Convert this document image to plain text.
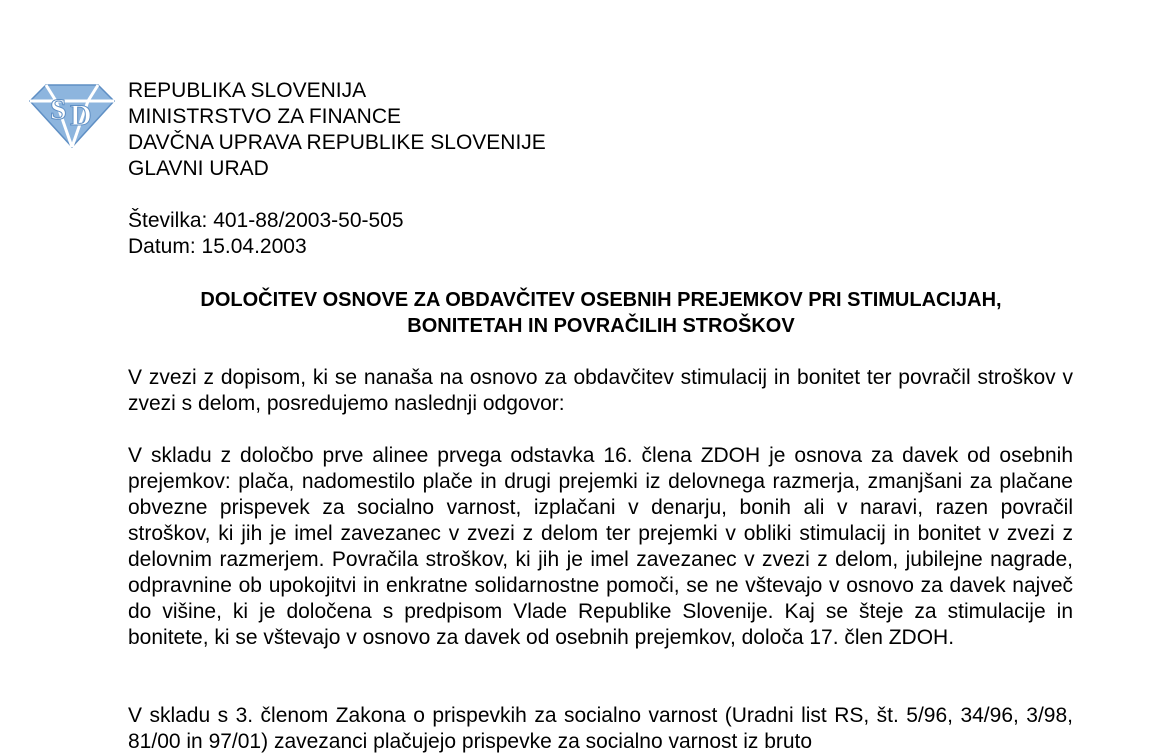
S D
REPUBLIKA SLOVENIJA
MINISTRSTVO ZA FINANCE
DAVČNA UPRAVA REPUBLIKE SLOVENIJE
GLAVNI URAD
Številka: 401-88/2003-50-505
Datum: 15.04.2003
DOLOČITEV OSNOVE ZA OBDAVČITEV OSEBNIH PREJEMKOV PRI STIMULACIJAH,
BONITETAH IN POVRAČILIH STROŠKOV

V zvezi z dopisom, ki se nanaša na osnovo za obdavčitev stimulacij in bonitet ter povračil stroškov v zvezi s delom, posredujemo naslednji odgovor:

V skladu z določbo prve alinee prvega odstavka 16. člena ZDOH je osnova za davek od osebnih prejemkov: plača, nadomestilo plače in drugi prejemki iz delovnega razmerja, zmanjšani za plačane obvezne prispevek za socialno varnost, izplačani v denarju, bonih ali v naravi, razen povračil stroškov, ki jih je imel zavezanec v zvezi z delom ter prejemki v obliki stimulacij in bonitet v zvezi z delovnim razmerjem. Povračila stroškov, ki jih je imel zavezanec v zvezi z delom, jubilejne nagrade, odpravnine ob upokojitvi in enkratne solidarnostne pomoči, se ne vštevajo v osnovo za davek največ do višine, ki je določena s predpisom Vlade Republike Slovenije. Kaj se šteje za stimulacije in bonitete, ki se vštevajo v osnovo za davek od osebnih prejemkov, določa 17. člen ZDOH.

V skladu s 3. členom Zakona o prispevkih za socialno varnost (Uradni list RS, št. 5/96, 34/96, 3/98, 81/00 in 97/01) zavezanci plačujejo prispevke za socialno varnost iz bruto
